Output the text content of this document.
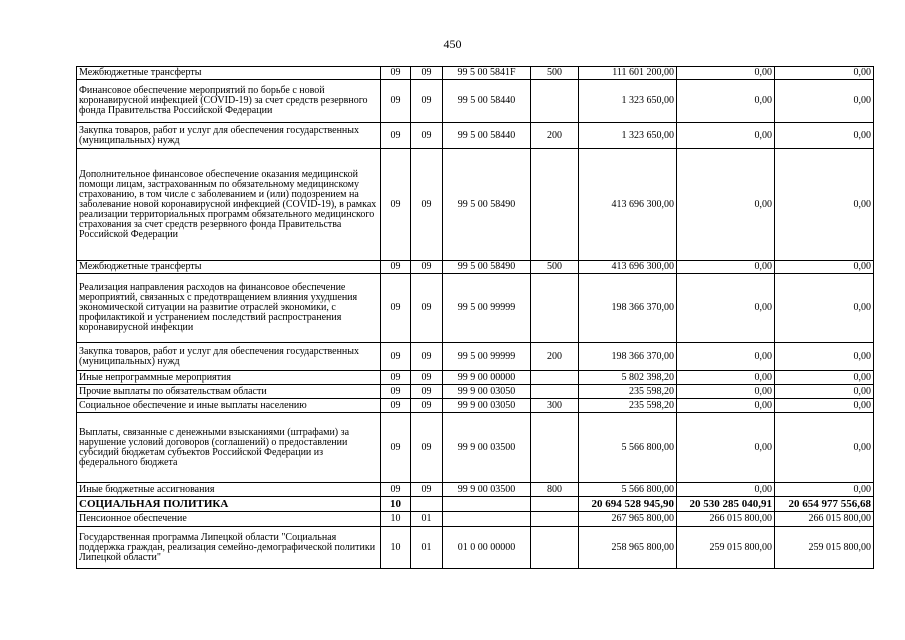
450
Межбюджетные трансферты	09	09	99 5 00 5841F	500	111 601 200,00	0,00	0,00
Финансовое обеспечение мероприятий по борьбе с новой коронавирусной инфекцией (COVID-19) за счет средств резервного фонда Правительства Российской Федерации	09	09	99 5 00 58440		1 323 650,00	0,00	0,00
Закупка товаров, работ и услуг для обеспечения государственных (муниципальных) нужд	09	09	99 5 00 58440	200	1 323 650,00	0,00	0,00
Дополнительное финансовое обеспечение оказания медицинской помощи лицам, застрахованным по обязательному медицинскому страхованию, в том числе с заболеванием и (или) подозрением на заболевание новой коронавирусной инфекцией (COVID-19), в рамках реализации территориальных программ обязательного медицинского страхования за счет средств резервного фонда Правительства Российской Федерации	09	09	99 5 00 58490		413 696 300,00	0,00	0,00
Межбюджетные трансферты	09	09	99 5 00 58490	500	413 696 300,00	0,00	0,00
Реализация направления расходов на финансовое обеспечение мероприятий, связанных с предотвращением влияния ухудшения экономической ситуации на развитие отраслей экономики, с профилактикой и устранением последствий распространения коронавирусной инфекции	09	09	99 5 00 99999		198 366 370,00	0,00	0,00
Закупка товаров, работ и услуг для обеспечения государственных (муниципальных) нужд	09	09	99 5 00 99999	200	198 366 370,00	0,00	0,00
Иные непрограммные мероприятия	09	09	99 9 00 00000		5 802 398,20	0,00	0,00
Прочие выплаты по обязательствам области	09	09	99 9 00 03050		235 598,20	0,00	0,00
Социальное обеспечение и иные выплаты населению	09	09	99 9 00 03050	300	235 598,20	0,00	0,00
Выплаты, связанные с денежными взысканиями (штрафами) за нарушение условий договоров (соглашений) о предоставлении субсидий бюджетам субъектов Российской Федерации из федерального бюджета	09	09	99 9 00 03500		5 566 800,00	0,00	0,00
Иные бюджетные ассигнования	09	09	99 9 00 03500	800	5 566 800,00	0,00	0,00
СОЦИАЛЬНАЯ ПОЛИТИКА	10				20 694 528 945,90	20 530 285 040,91	20 654 977 556,68
Пенсионное обеспечение	10	01			267 965 800,00	266 015 800,00	266 015 800,00
Государственная программа Липецкой области "Социальная поддержка граждан, реализация семейно-демографической политики Липецкой области"	10	01	01 0 00 00000		258 965 800,00	259 015 800,00	259 015 800,00
